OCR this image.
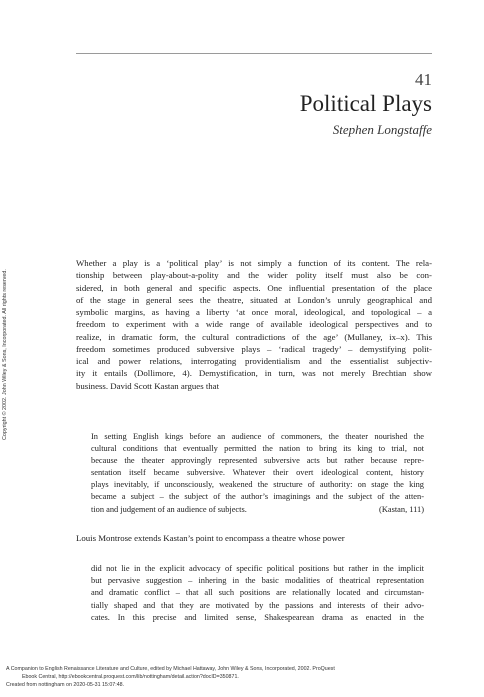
41
Political Plays
Stephen Longstaffe
Whether a play is a ‘political play’ is not simply a function of its content. The rela-
tionship between play-about-a-polity and the wider polity itself must also be con-
sidered, in both general and specific aspects. One influential presentation of the place
of the stage in general sees the theatre, situated at London’s unruly geographical and
symbolic margins, as having a liberty ‘at once moral, ideological, and topological – a
freedom to experiment with a wide range of available ideological perspectives and to
realize, in dramatic form, the cultural contradictions of the age’ (Mullaney, ix–x). This
freedom sometimes produced subversive plays – ‘radical tragedy’ – demystifying polit-
ical and power relations, interrogating providentialism and the essentialist subjectiv-
ity it entails (Dollimore, 4). Demystification, in turn, was not merely Brechtian show
business. David Scott Kastan argues that
In setting English kings before an audience of commoners, the theater nourished the
cultural conditions that eventually permitted the nation to bring its king to trial, not
because the theater approvingly represented subversive acts but rather because repre-
sentation itself became subversive. Whatever their overt ideological content, history
plays inevitably, if unconsciously, weakened the structure of authority: on stage the king
became a subject – the subject of the author’s imaginings and the subject of the atten-
tion and judgement of an audience of subjects.	(Kastan, 111)
Louis Montrose extends Kastan’s point to encompass a theatre whose power
did not lie in the explicit advocacy of specific political positions but rather in the implicit
but pervasive suggestion – inhering in the basic modalities of theatrical representation
and dramatic conflict – that all such positions are relationally located and circumstan-
tially shaped and that they are motivated by the passions and interests of their advo-
cates. In this precise and limited sense, Shakespearean drama as enacted in the
Copyright © 2002. John Wiley & Sons, Incorporated. All rights reserved.
A Companion to English Renaissance Literature and Culture, edited by Michael Hattaway, John Wiley & Sons, Incorporated, 2002. ProQuest
Ebook Central, http://ebookcentral.proquest.com/lib/nottingham/detail.action?docID=350871.
Created from nottingham on 2020-05-31 15:07:48.
